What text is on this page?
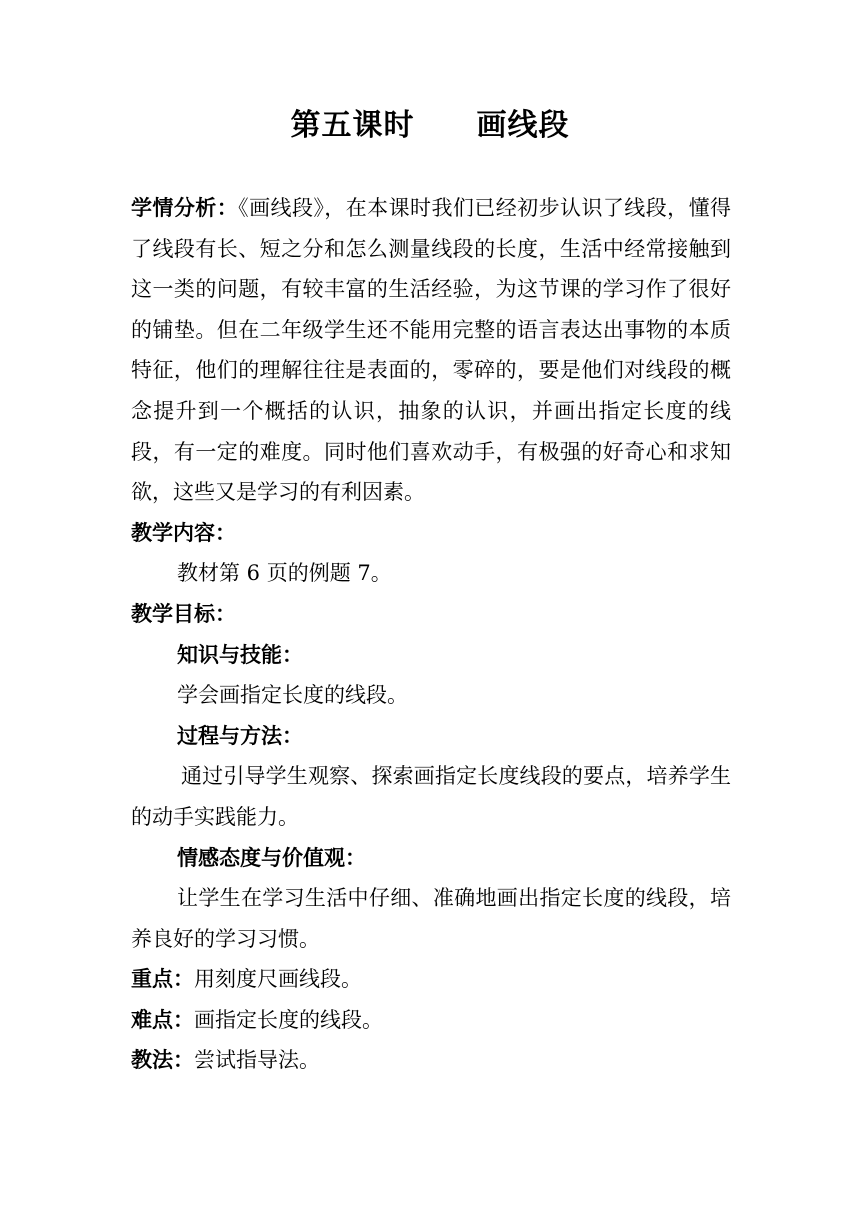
第五课时　　画线段

学情分析：《画线段》，在本课时我们已经初步认识了线段，懂得了线段有长、短之分和怎么测量线段的长度，生活中经常接触到这一类的问题，有较丰富的生活经验，为这节课的学习作了很好的铺垫。但在二年级学生还不能用完整的语言表达出事物的本质特征，他们的理解往往是表面的，零碎的，要是他们对线段的概念提升到一个概括的认识，抽象的认识，并画出指定长度的线段，有一定的难度。同时他们喜欢动手，有极强的好奇心和求知欲，这些又是学习的有利因素。

教学内容：

教材第 6 页的例题 7。

教学目标：

知识与技能：

学会画指定长度的线段。

过程与方法：

通过引导学生观察、探索画指定长度线段的要点，培养学生的动手实践能力。

情感态度与价值观：

让学生在学习生活中仔细、准确地画出指定长度的线段，培养良好的学习习惯。

重点：用刻度尺画线段。

难点：画指定长度的线段。

教法：尝试指导法。
